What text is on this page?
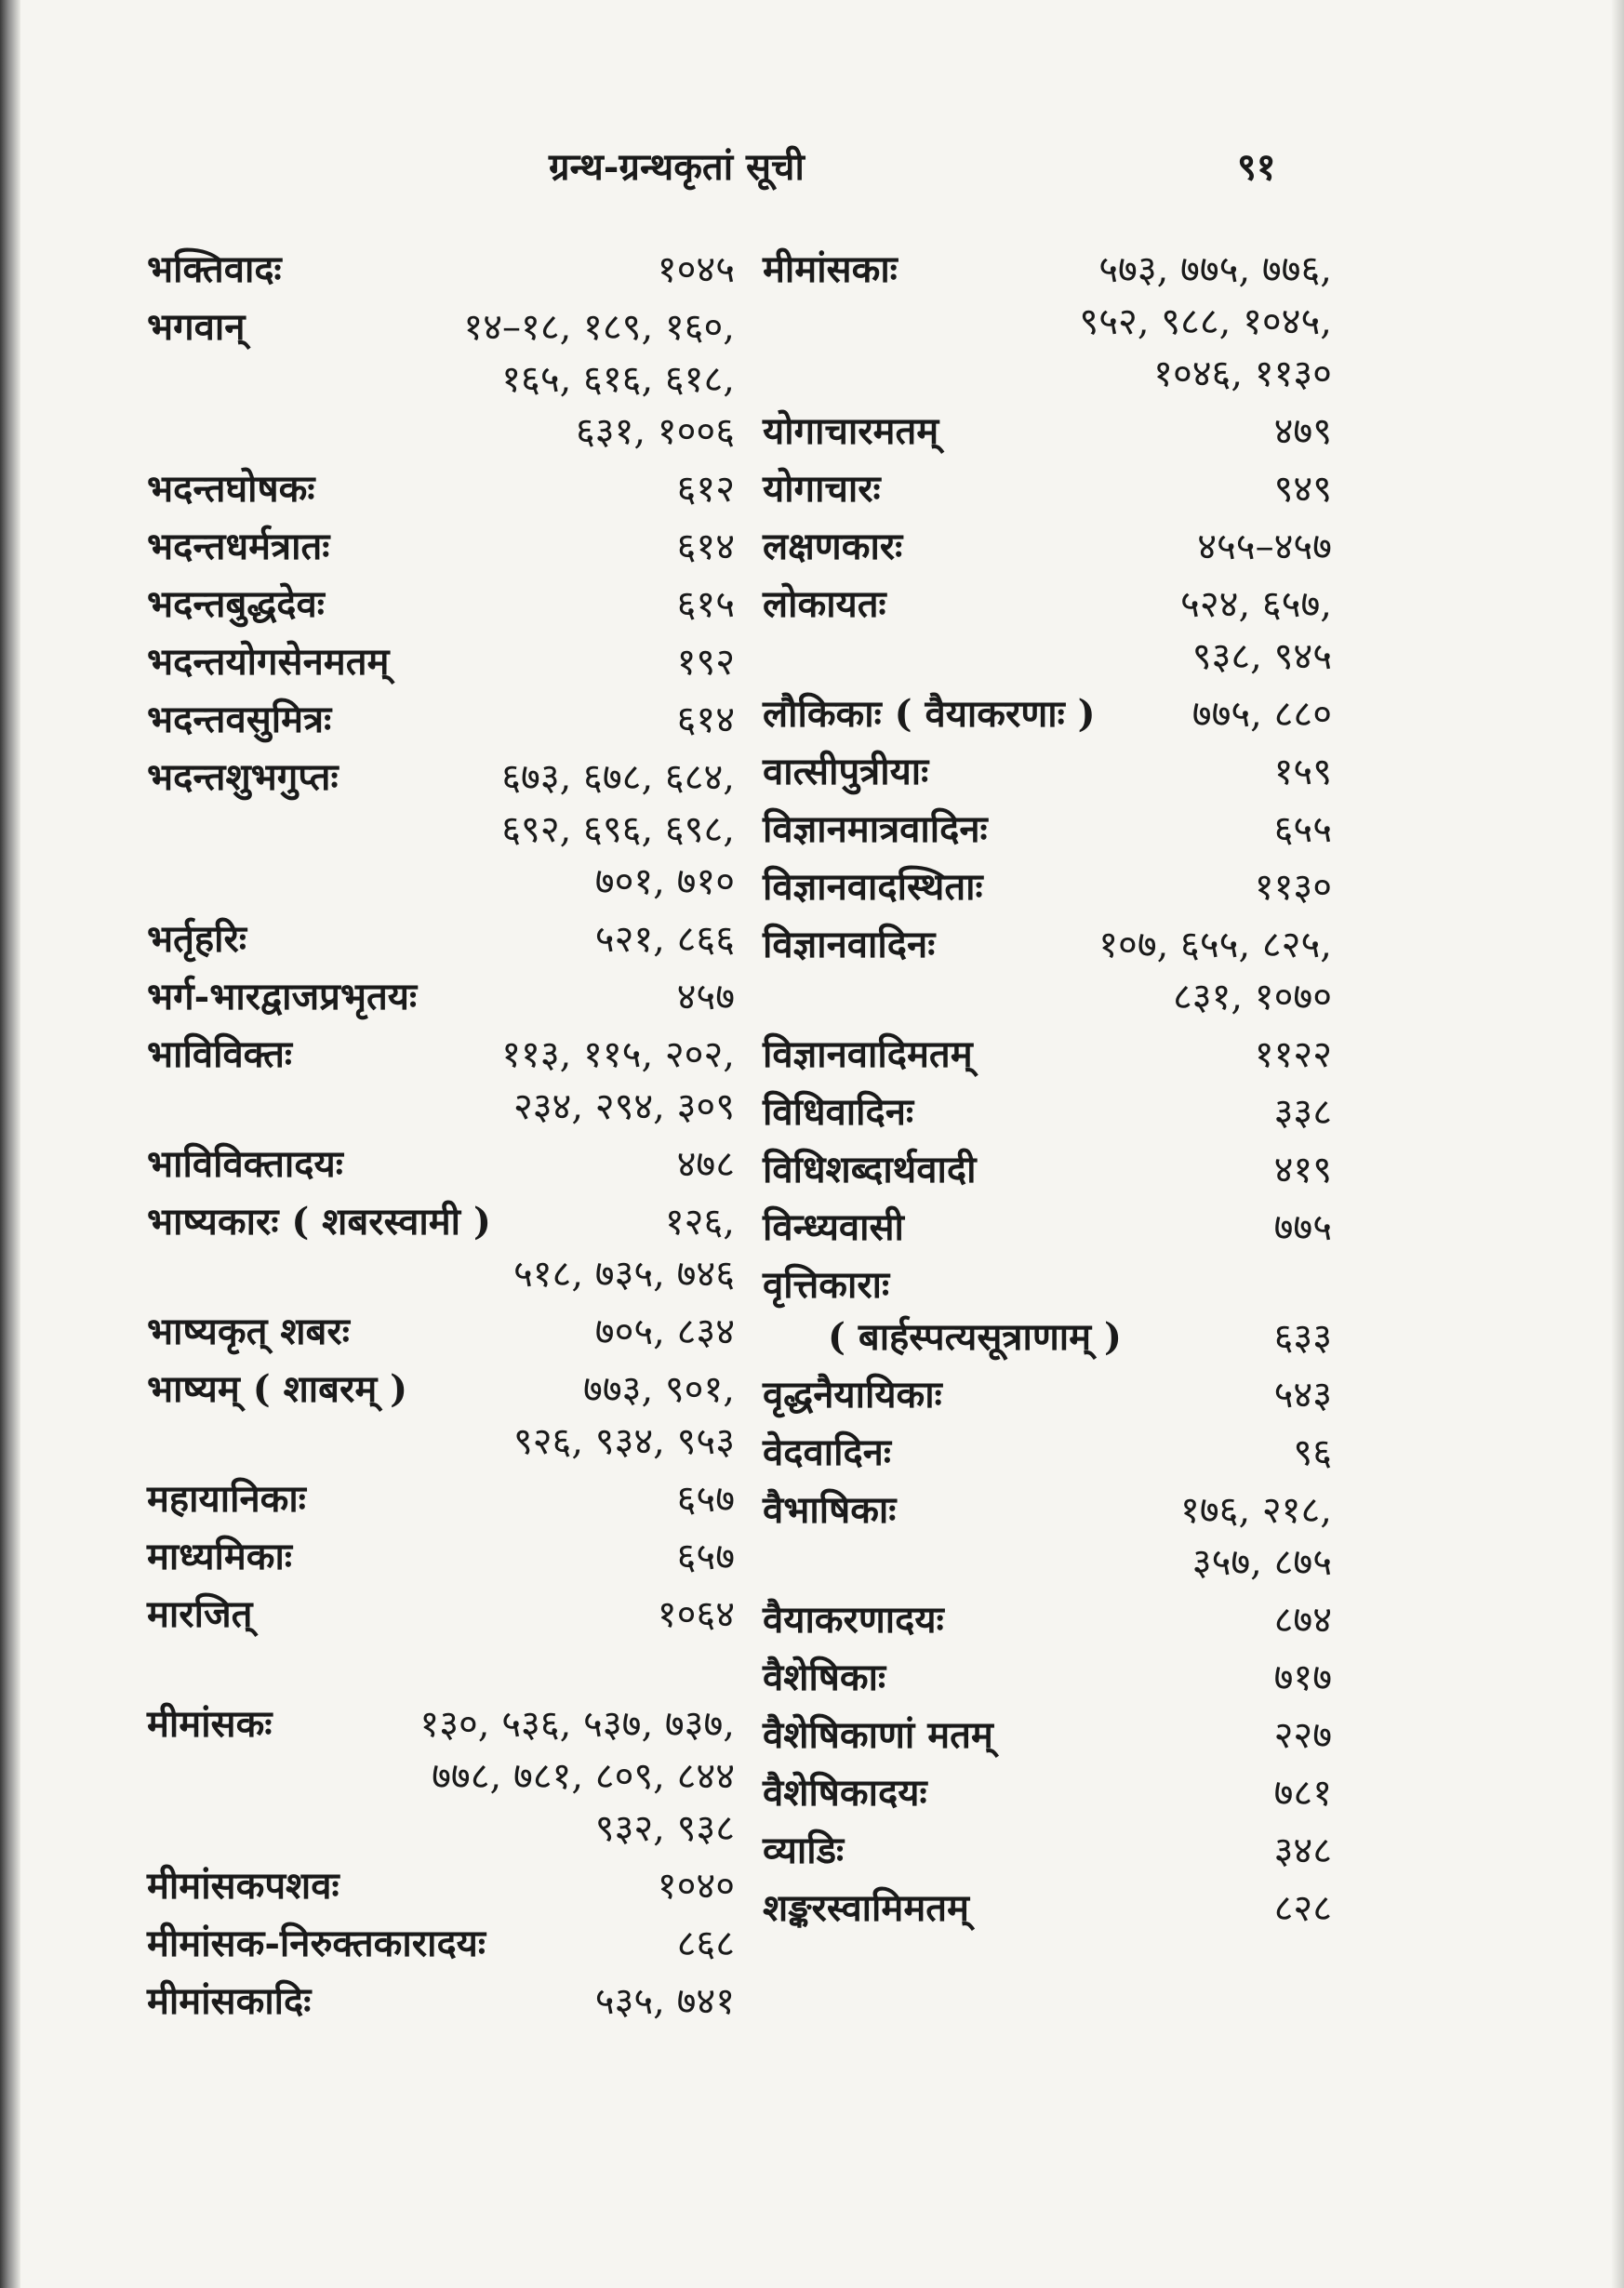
ग्रन्थ-ग्रन्थकृतां सूची	९१
भक्तिवादः	१०४५
भगवान्	१४–१८, १८९, १६०,
१६५, ६१६, ६१८,
६३१, १००६
भदन्तघोषकः	६१२
भदन्तधर्मत्रातः	६१४
भदन्तबुद्धदेवः	६१५
भदन्तयोगसेनमतम्	१९२
भदन्तवसुमित्रः	६१४
भदन्तशुभगुप्तः	६७३, ६७८, ६८४,
६९२, ६९६, ६९८,
७०१, ७१०
भर्तृहरिः	५२१, ८६६
भर्ग-भारद्वाजप्रभृतयः	४५७
भाविविक्तः	११३, ११५, २०२,
२३४, २९४, ३०९
भाविविक्तादयः	४७८
भाष्यकारः ( शबरस्वामी )	१२६,
५१८, ७३५, ७४६
भाष्यकृत् शबरः	७०५, ८३४
भाष्यम् ( शाबरम् )	७७३, ९०१,
९२६, ९३४, ९५३
महायानिकाः	६५७
माध्यमिकाः	६५७
मारजित्	१०६४
मीमांसकः	१३०, ५३६, ५३७, ७३७,
७७८, ७८१, ८०९, ८४४
९३२, ९३८
मीमांसकपशवः	१०४०
मीमांसक-निरुक्तकारादयः	८६८
मीमांसकादिः	५३५, ७४१
मीमांसकाः	५७३, ७७५, ७७६,
९५२, ९८८, १०४५,
१०४६, ११३०
योगाचारमतम्	४७९
योगाचारः	९४९
लक्षणकारः	४५५–४५७
लोकायतः	५२४, ६५७,
९३८, ९४५
लौकिकाः ( वैयाकरणाः )	७७५, ८८०
वात्सीपुत्रीयाः	१५९
विज्ञानमात्रवादिनः	६५५
विज्ञानवादस्थिताः	११३०
विज्ञानवादिनः	१०७, ६५५, ८२५,
८३१, १०७०
विज्ञानवादिमतम्	११२२
विधिवादिनः	३३८
विधिशब्दार्थवादी	४१९
विन्ध्यवासी	७७५
वृत्तिकाराः
( बार्हस्पत्यसूत्राणाम् )	६३३
वृद्धनैयायिकाः	५४३
वेदवादिनः	९६
वैभाषिकाः	१७६, २१८,
३५७, ८७५
वैयाकरणादयः	८७४
वैशेषिकाः	७१७
वैशेषिकाणां मतम्	२२७
वैशेषिकादयः	७८१
व्याडिः	३४८
शङ्करस्वामिमतम्	८२८
